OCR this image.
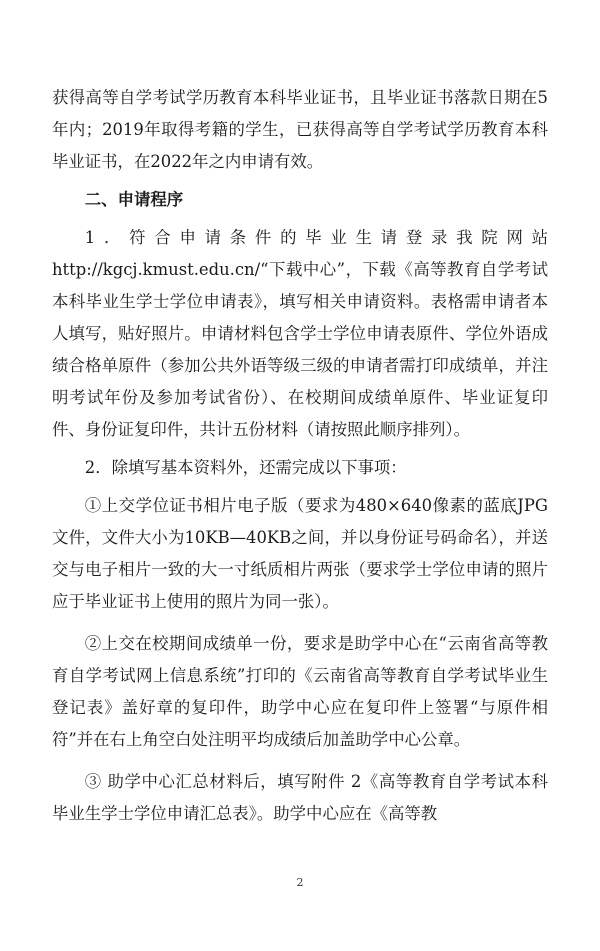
获得高等自学考试学历教育本科毕业证书，且毕业证书落款日期在5年内；2019年取得考籍的学生，已获得高等自学考试学历教育本科毕业证书，在2022年之内申请有效。

二、申请程序

1．符合申请条件的毕业生请登录我院网站http://kgcj.kmust.edu.cn/“下载中心”，下载《高等教育自学考试本科毕业生学士学位申请表》，填写相关申请资料。表格需申请者本人填写，贴好照片。申请材料包含学士学位申请表原件、学位外语成绩合格单原件（参加公共外语等级三级的申请者需打印成绩单，并注明考试年份及参加考试省份）、在校期间成绩单原件、毕业证复印件、身份证复印件，共计五份材料（请按照此顺序排列）。

2．除填写基本资料外，还需完成以下事项：

①上交学位证书相片电子版（要求为480×640像素的蓝底JPG文件，文件大小为10KB—40KB之间，并以身份证号码命名），并送交与电子相片一致的大一寸纸质相片两张（要求学士学位申请的照片应于毕业证书上使用的照片为同一张）。

②上交在校期间成绩单一份，要求是助学中心在“云南省高等教育自学考试网上信息系统”打印的《云南省高等教育自学考试毕业生登记表》盖好章的复印件，助学中心应在复印件上签署“与原件相符”并在右上角空白处注明平均成绩后加盖助学中心公章。

③ 助学中心汇总材料后，填写附件 2《高等教育自学考试本科毕业生学士学位申请汇总表》。助学中心应在《高等教

2
